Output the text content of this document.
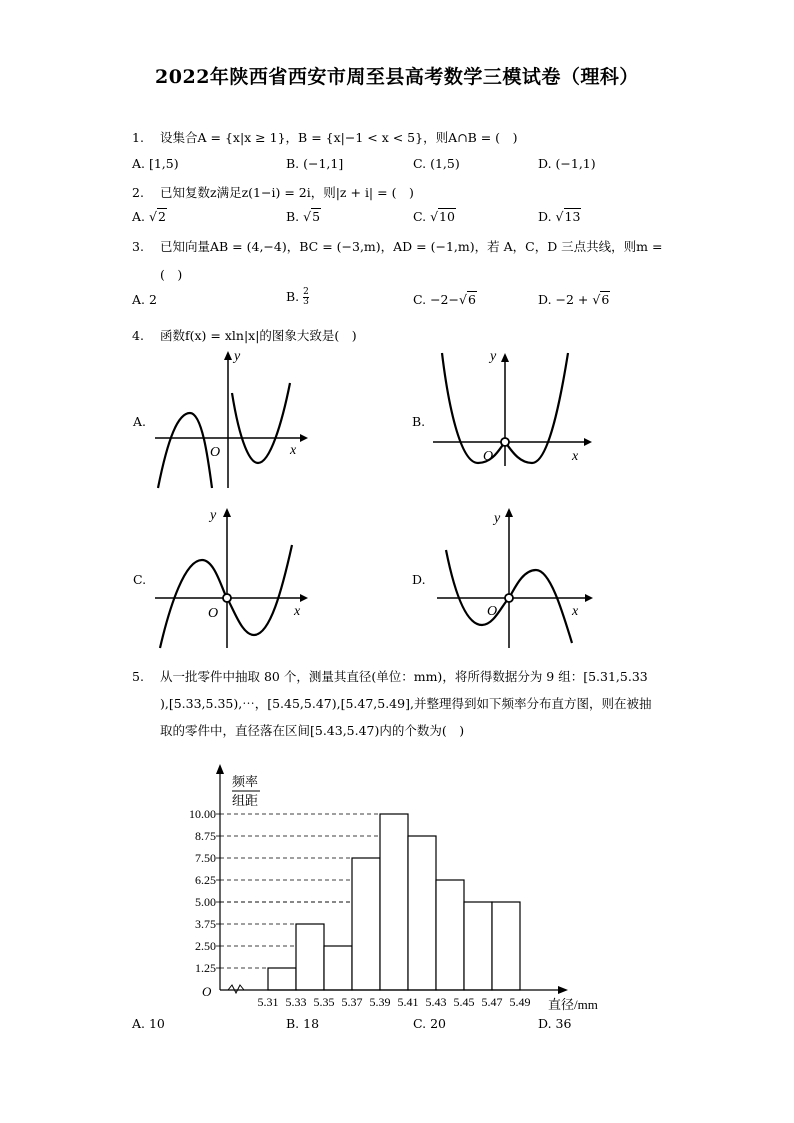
2022年陕西省西安市周至县高考数学三模试卷（理科）
1. 设集合A = {x|x ≥ 1}，B = {x|−1 < x < 5}，则A∩B = (　)
A. [1,5)	B. (−1,1]	C. (1,5)	D. (−1,1)
2. 已知复数z满足z(1−i) = 2i，则|z + i| = (　)
A. √2	B. √5	C. √10	D. √13
3. 已知向量AB = (4,−4)，BC = (−3,m)，AD = (−1,m)，若 A，C，D 三点共线，则m =
(　)
A. 2	B. $\frac{2}{3}$	C. −2−√6	D. −2 + √6
4. 函数f(x) = xln|x|的图象大致是(　)
A.	B.
C.	D.
y
x
O
y
x
O
y
x
O
y
x
O
5. 从一批零件中抽取 80 个，测量其直径(单位：mm)，将所得数据分为 9 组：[5.31,5.33
),[5.33,5.35),⋯，[5.45,5.47),[5.47,5.49],并整理得到如下频率分布直方图，则在被抽
取的零件中，直径落在区间[5.43,5.47)内的个数为(　)
O
频率
组距
直径/mm
1.25
2.50
3.75
5.00
6.25
7.50
8.75
10.00
5.31 5.33 5.35 5.37 5.39 5.41 5.43 5.45 5.47 5.49
A. 10	B. 18	C. 20	D. 36
